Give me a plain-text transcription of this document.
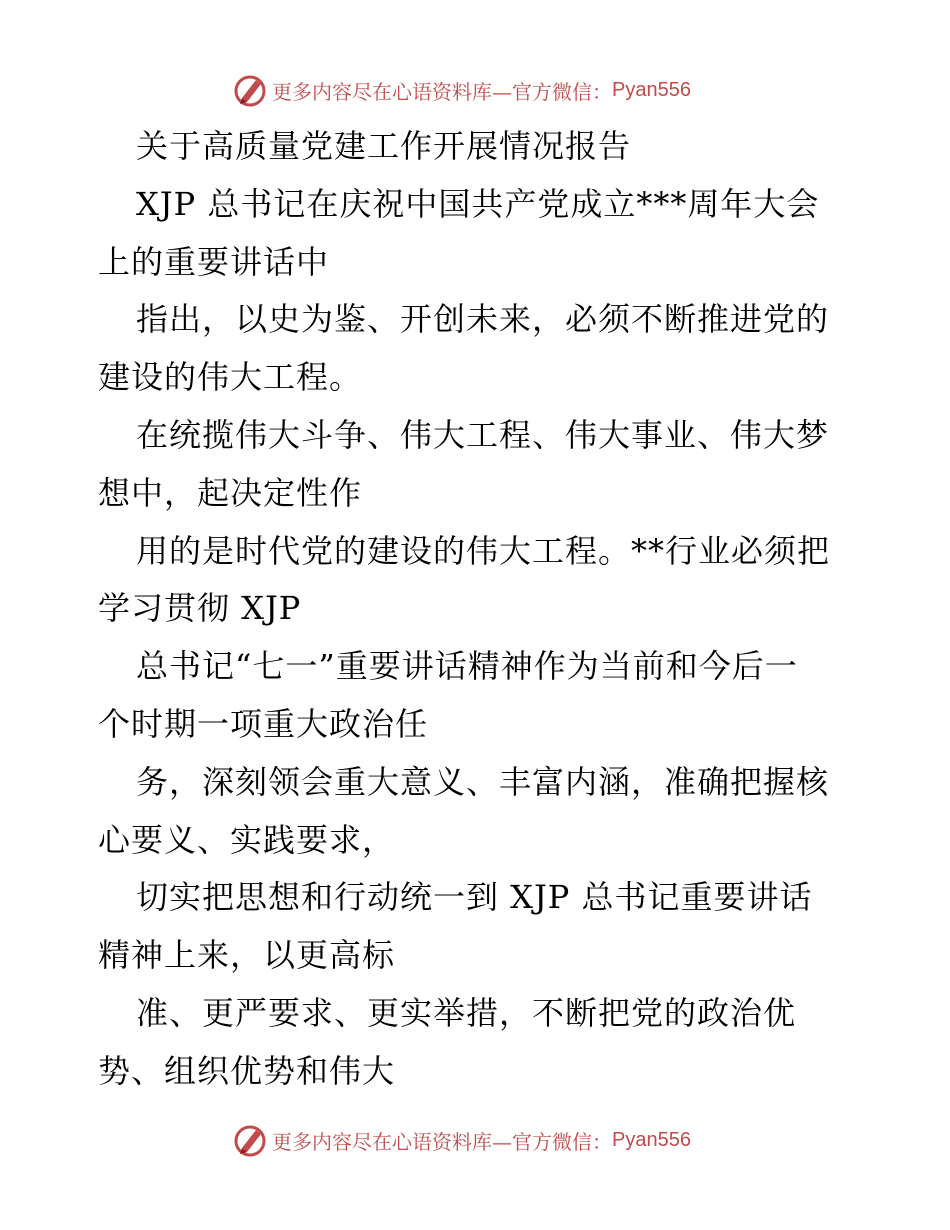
更多内容尽在心语资料库—官方微信： Pyan556
关于高质量党建工作开展情况报告
XJP 总书记在庆祝中国共产党成立***周年大会
上的重要讲话中
指出，以史为鉴、开创未来，必须不断推进党的
建设的伟大工程。
在统揽伟大斗争、伟大工程、伟大事业、伟大梦
想中，起决定性作
用的是时代党的建设的伟大工程。**行业必须把
学习贯彻 XJP
总书记“七一”重要讲话精神作为当前和今后一
个时期一项重大政治任
务，深刻领会重大意义、丰富内涵，准确把握核
心要义、实践要求，
切实把思想和行动统一到 XJP 总书记重要讲话
精神上来，以更高标
准、更严要求、更实举措，不断把党的政治优
势、组织优势和伟大
更多内容尽在心语资料库—官方微信： Pyan556
